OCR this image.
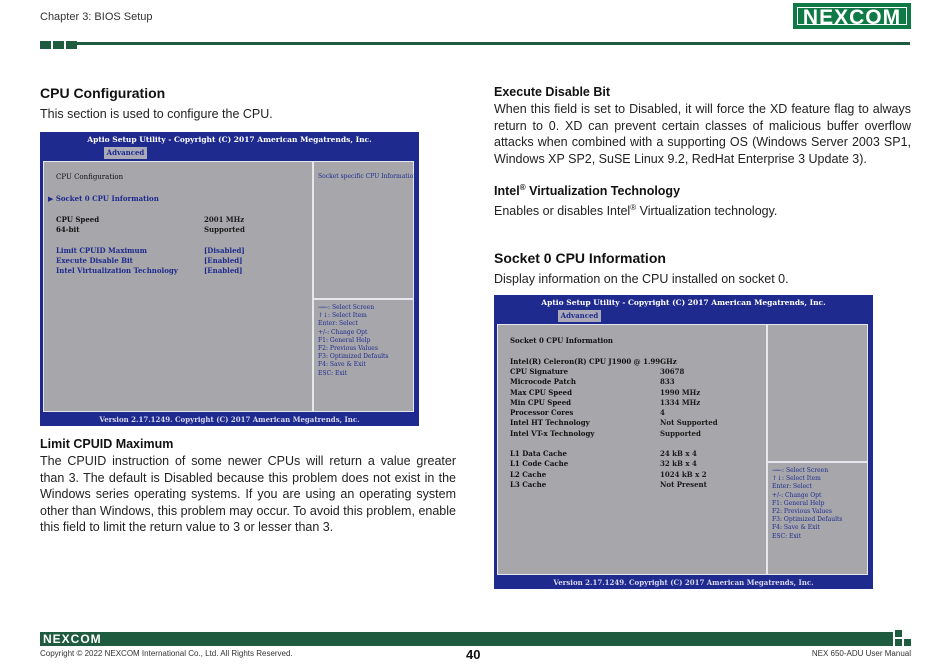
Chapter 3: BIOS Setup	NEXCOM
CPU Configuration
This section is used to configure the CPU.
Aptio Setup Utility - Copyright (C) 2017 American Megatrends, Inc.
Advanced
CPU Configuration
▶ Socket 0 CPU Information
CPU Speed	2001 MHz
64-bit	Supported
Limit CPUID Maximum	[Disabled]
Execute Disable Bit	[Enabled]
Intel Virtualization Technology	[Enabled]
Socket specific CPU Information
→←: Select Screen
↑↓: Select Item
Enter: Select
+/-: Change Opt
F1: General Help
F2: Previous Values
F3: Optimized Defaults
F4: Save & Exit
ESC: Exit
Version 2.17.1249. Copyright (C) 2017 American Megatrends, Inc.
Limit CPUID Maximum
The CPUID instruction of some newer CPUs will return a value greater than 3. The default is Disabled because this problem does not exist in the Windows series operating systems. If you are using an operating system other than Windows, this problem may occur. To avoid this problem, enable this field to limit the return value to 3 or lesser than 3.
Execute Disable Bit
When this field is set to Disabled, it will force the XD feature flag to always return to 0. XD can prevent certain classes of malicious buffer overflow attacks when combined with a supporting OS (Windows Server 2003 SP1, Windows XP SP2, SuSE Linux 9.2, RedHat Enterprise 3 Update 3).
Intel® Virtualization Technology
Enables or disables Intel® Virtualization technology.
Socket 0 CPU Information
Display information on the CPU installed on socket 0.
Aptio Setup Utility - Copyright (C) 2017 American Megatrends, Inc.
Advanced
Socket 0 CPU Information
Intel(R) Celeron(R) CPU J1900 @ 1.99GHz
CPU Signature	30678
Microcode Patch	833
Max CPU Speed	1990 MHz
Min CPU Speed	1334 MHz
Processor Cores	4
Intel HT Technology	Not Supported
Intel VT-x Technology	Supported
L1 Data Cache	24 kB x 4
L1 Code Cache	32 kB x 4
L2 Cache	1024 kB x 2
L3 Cache	Not Present
→←: Select Screen
↑↓: Select Item
Enter: Select
+/-: Change Opt
F1: General Help
F2: Previous Values
F3: Optimized Defaults
F4: Save & Exit
ESC: Exit
Version 2.17.1249. Copyright (C) 2017 American Megatrends, Inc.
NEXCOM
Copyright © 2022 NEXCOM International Co., Ltd. All Rights Reserved.	40	NEX 650-ADU User Manual
